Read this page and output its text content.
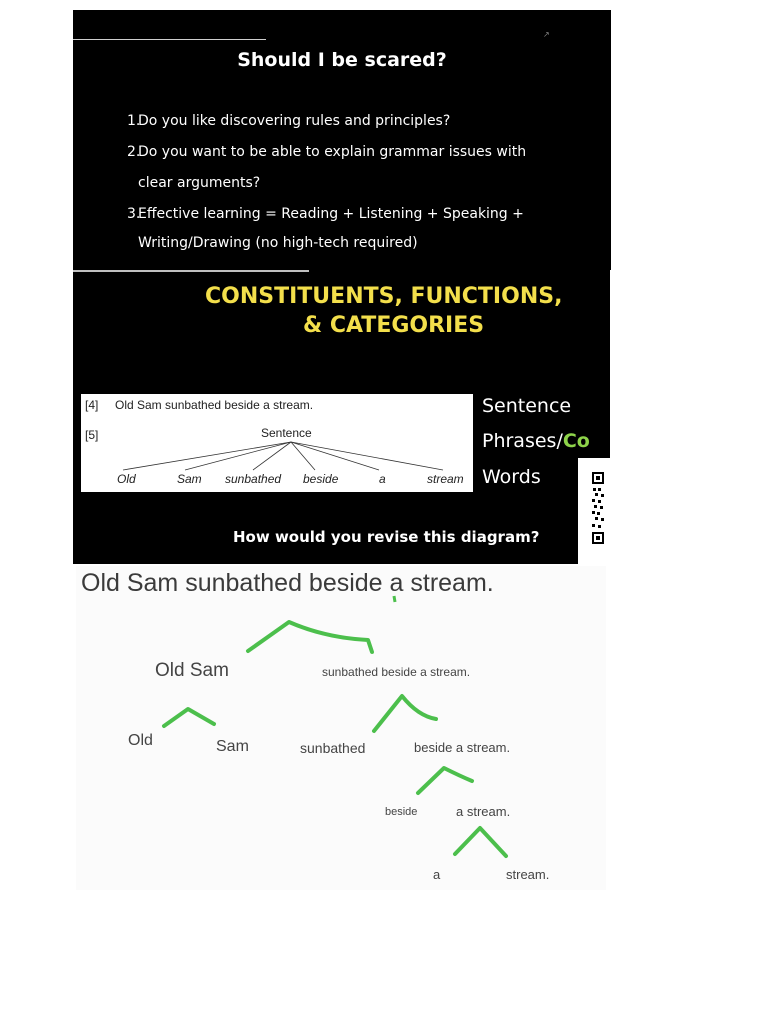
↗
Should I be scared?
1.Do you like discovering rules and principles?
2.Do you want to be able to explain grammar issues with
clear arguments?
3.Effective learning = Reading + Listening + Speaking +
Writing/Drawing (no high-tech required)
CONSTITUENTS, FUNCTIONS,
& CATEGORIES
[4] Old Sam sunbathed beside a stream.
[5]	Sentence
Old	Sam sunbathed beside	a	stream
Sentence
Phrases/Co
Words
How would you revise this diagram?
Old Sam sunbathed beside a stream.
Old Sam	sunbathed beside a stream.
Old	Sam	sunbathed	beside a stream.
beside	a stream.
a	stream.
